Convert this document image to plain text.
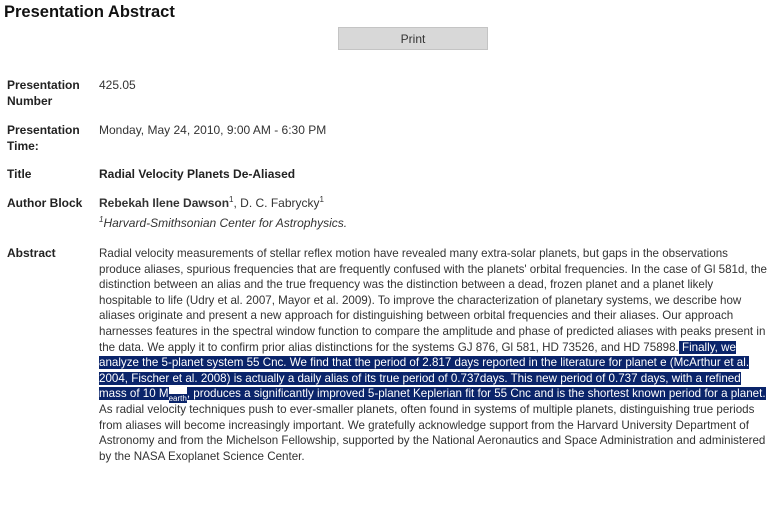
Presentation Abstract
Print
Presentation
Number
425.05
Presentation
Time:
Monday, May 24, 2010, 9:00 AM - 6:30 PM
Title	Radial Velocity Planets De-Aliased
Author Block Rebekah Ilene Dawson$^1$, D. C. Fabrycky$^1$
$^1$Harvard-Smithsonian Center for Astrophysics.
Abstract	Radial velocity measurements of stellar reflex motion have revealed many extra-solar planets, but gaps in the observations produce aliases, spurious frequencies that are frequently confused with the planets' orbital frequencies. In the case of Gl 581d, the distinction between an alias and the true frequency was the distinction between a dead, frozen planet and a planet likely hospitable to life (Udry et al. 2007, Mayor et al. 2009). To improve the characterization of planetary systems, we describe how aliases originate and present a new approach for distinguishing between orbital frequencies and their aliases. Our approach harnesses features in the spectral window function to compare the amplitude and phase of predicted aliases with peaks present in the data. We apply it to confirm prior alias distinctions for the systems GJ 876, Gl 581, HD 73526, and HD 75898. Finally, we analyze the 5-planet system 55 Cnc. We find that the period of 2.817 days reported in the literature for planet e (McArthur et al. 2004, Fischer et al. 2008) is actually a daily alias of its true period of 0.737days. This new period of 0.737 days, with a refined mass of 10 $M_{earth}$, produces a significantly improved 5-planet Keplerian fit for 55 Cnc and is the shortest known period for a planet. As radial velocity techniques push to ever-smaller planets, often found in systems of multiple planets, distinguishing true periods from aliases will become increasingly important. We gratefully acknowledge support from the Harvard University Department of Astronomy and from the Michelson Fellowship, supported by the National Aeronautics and Space Administration and administered by the NASA Exoplanet Science Center.
